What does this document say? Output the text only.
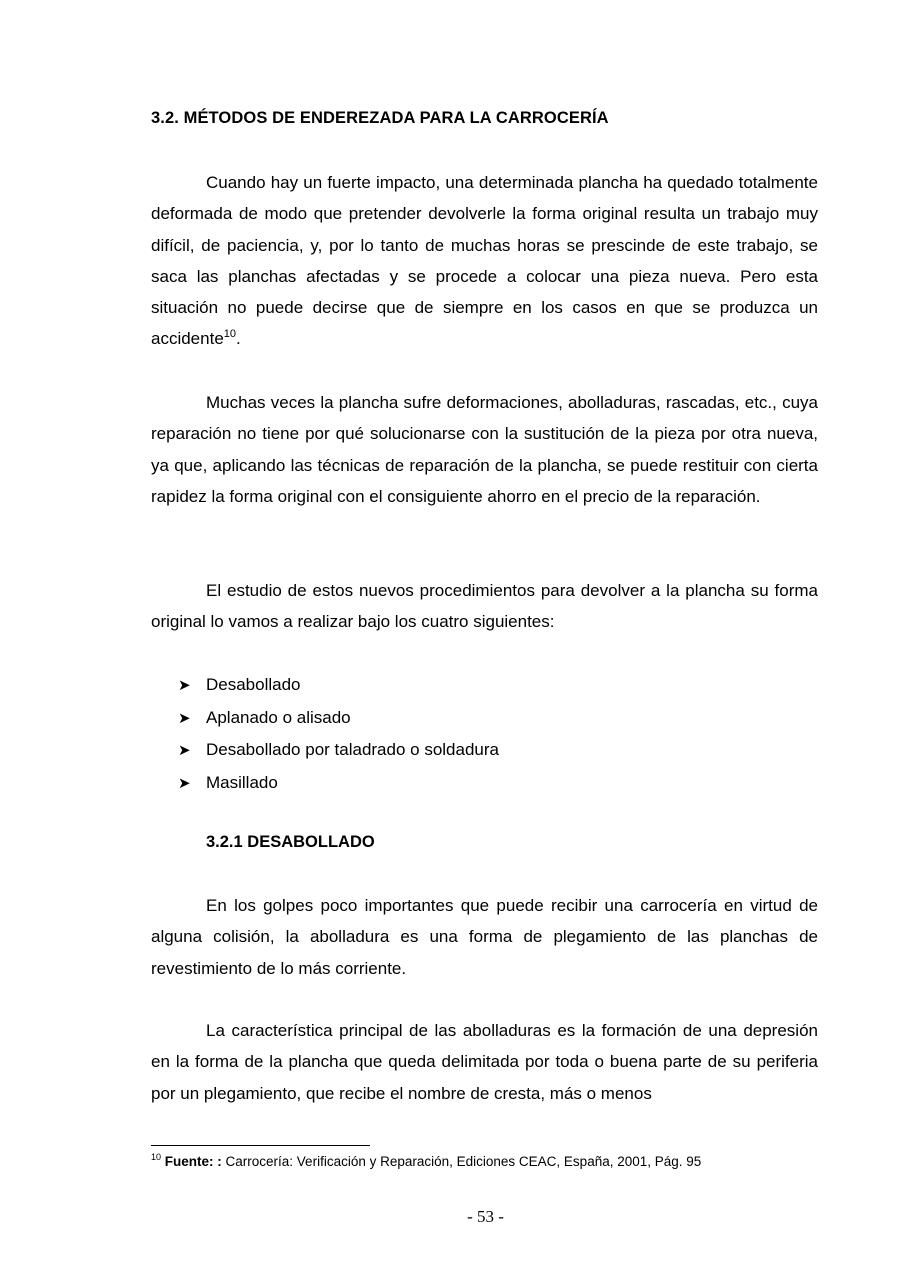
3.2. MÉTODOS DE ENDEREZADA PARA LA CARROCERÍA

Cuando hay un fuerte impacto, una determinada plancha ha quedado totalmente deformada de modo que pretender devolverle la forma original resulta un trabajo muy difícil, de paciencia, y, por lo tanto de muchas horas se prescinde de este trabajo, se saca las planchas afectadas y se procede a colocar una pieza nueva. Pero esta situación no puede decirse que de siempre en los casos en que se produzca un accidente$^{10}$.

Muchas veces la plancha sufre deformaciones, abolladuras, rascadas, etc., cuya reparación no tiene por qué solucionarse con la sustitución de la pieza por otra nueva, ya que, aplicando las técnicas de reparación de la plancha, se puede restituir con cierta rapidez la forma original con el consiguiente ahorro en el precio de la reparación.

El estudio de estos nuevos procedimientos para devolver a la plancha su forma original lo vamos a realizar bajo los cuatro siguientes:

➤ Desabollado
➤ Aplanado o alisado
➤ Desabollado por taladrado o soldadura
➤ Masillado
3.2.1 DESABOLLADO

En los golpes poco importantes que puede recibir una carrocería en virtud de alguna colisión, la abolladura es una forma de plegamiento de las planchas de revestimiento de lo más corriente.

La característica principal de las abolladuras es la formación de una depresión en la forma de la plancha que queda delimitada por toda o buena parte de su periferia por un plegamiento, que recibe el nombre de cresta, más o menos

$^{10}$ Fuente: : Carrocería: Verificación y Reparación, Ediciones CEAC, España, 2001, Pág. 95
- 53 -
